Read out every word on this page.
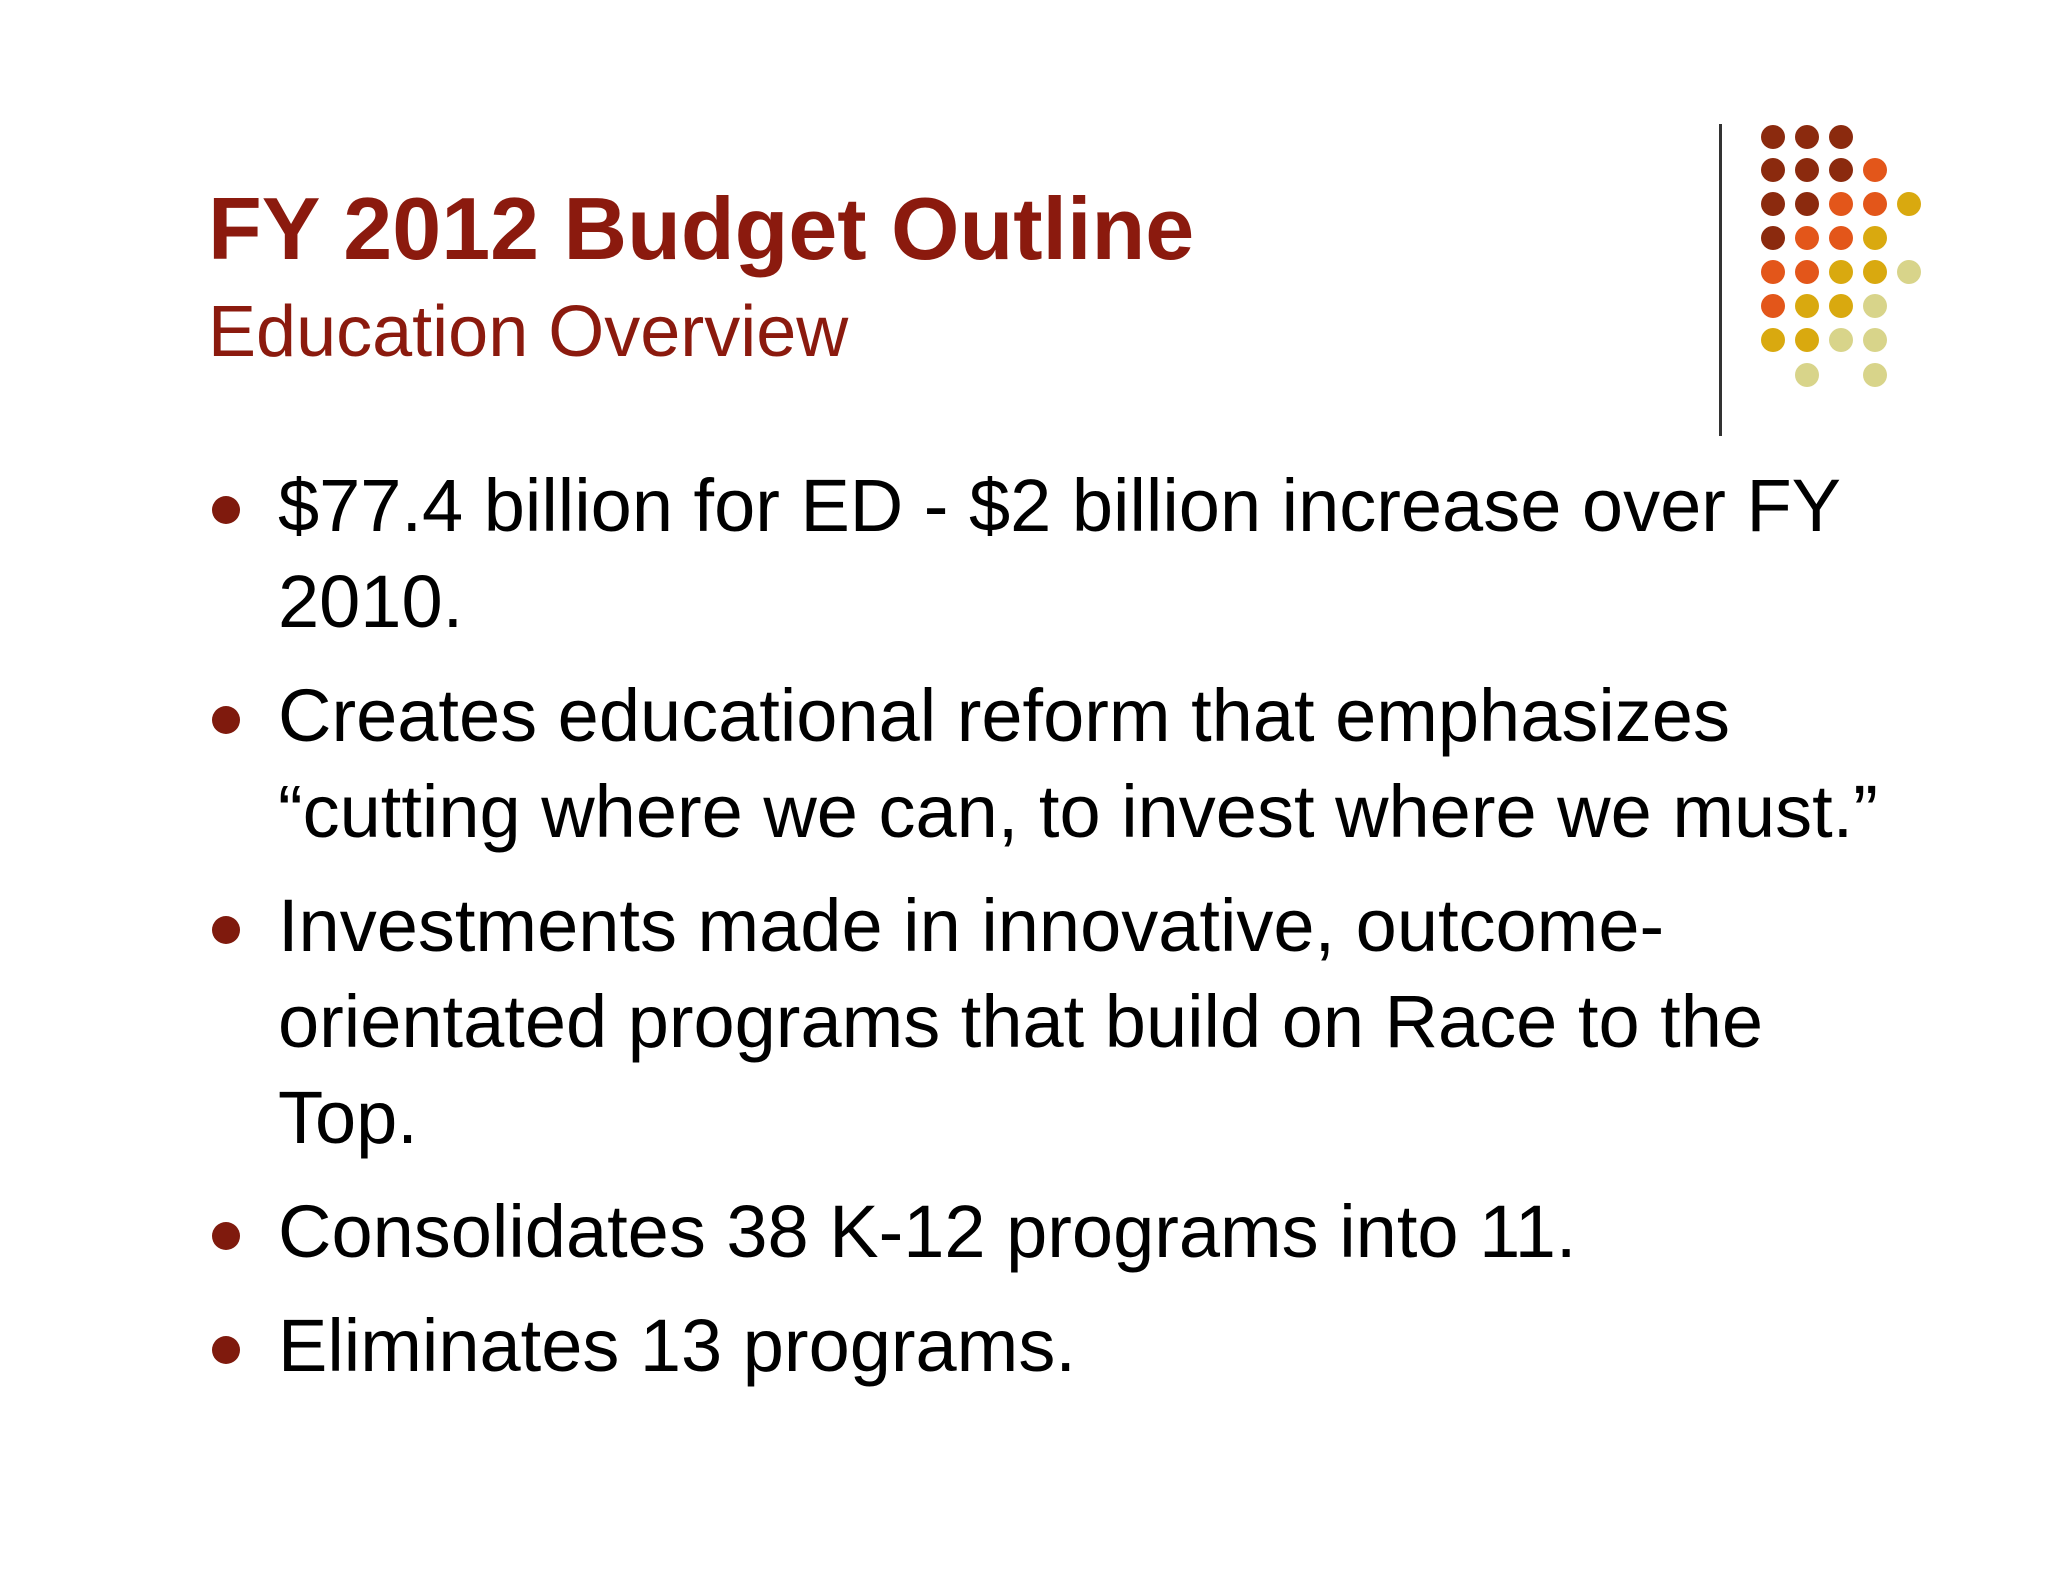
FY 2012 Budget Outline
Education Overview
$77.4 billion for ED - $2 billion increase over FY 2010.
Creates educational reform that emphasizes “cutting where we can, to invest where we must.”
Investments made in innovative, outcome-orientated programs that build on Race to the Top.
Consolidates 38 K-12 programs into 11.
Eliminates 13 programs.
